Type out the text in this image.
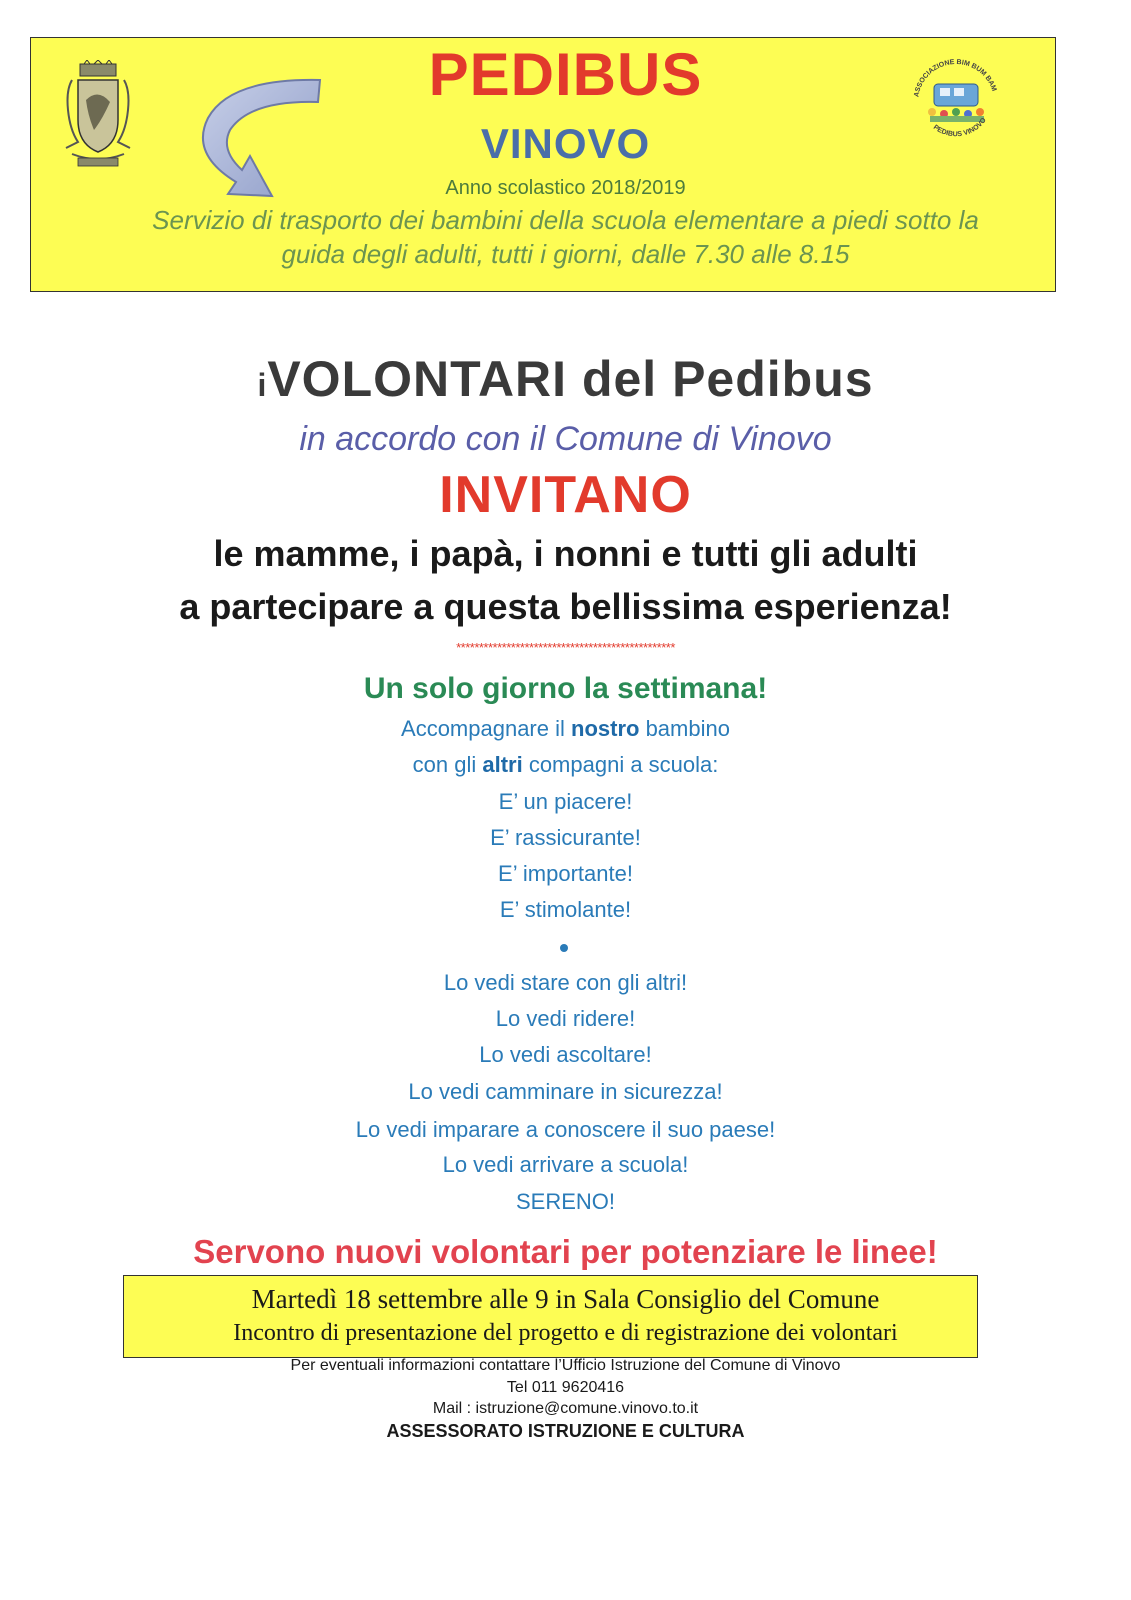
ASSOCIAZIONE BIM BUM BAM
PEDIBUS VINOVO
PEDIBUS
VINOVO
Anno scolastico 2018/2019
Servizio di trasporto dei bambini della scuola elementare a piedi sotto la
guida degli adulti, tutti i giorni, dalle 7.30 alle 8.15
iVOLONTARI del Pedibus
in accordo con il Comune di Vinovo
INVITANO
le mamme, i papà, i nonni e tutti gli adulti
a partecipare a questa bellissima esperienza!
************************************************
Un solo giorno la settimana!
Accompagnare il nostro bambino
con gli altri compagni a scuola:
E’ un piacere!
E’ rassicurante!
E’ importante!
E’ stimolante!
Lo vedi stare con gli altri!
Lo vedi ridere!
Lo vedi ascoltare!
Lo vedi camminare in sicurezza!
Lo vedi imparare a conoscere il suo paese!
Lo vedi arrivare a scuola!
SERENO!
Servono nuovi volontari per potenziare le linee!
Martedì 18 settembre alle 9 in Sala Consiglio del Comune
Incontro di presentazione del progetto e di registrazione dei volontari
Per eventuali informazioni contattare l’Ufficio Istruzione del Comune di Vinovo
Tel 011 9620416
Mail : istruzione@comune.vinovo.to.it
ASSESSORATO ISTRUZIONE E CULTURA
